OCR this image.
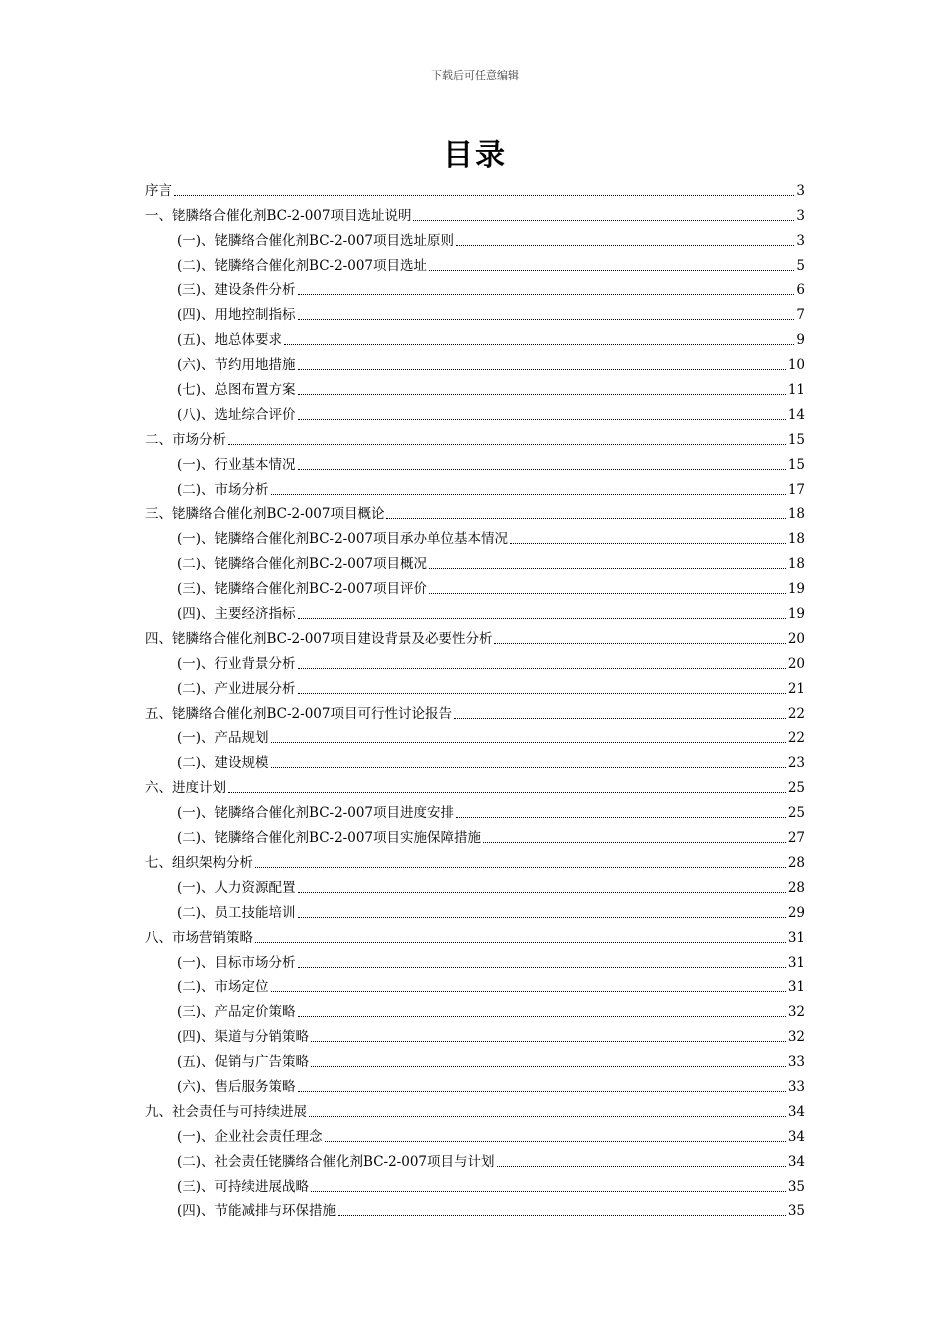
下载后可任意编辑
目录
序言	3
一、铑膦络合催化剂BC-2-007项目选址说明	3
(一)、铑膦络合催化剂BC-2-007项目选址原则	3
(二)、铑膦络合催化剂BC-2-007项目选址	5
(三)、建设条件分析	6
(四)、用地控制指标	7
(五)、地总体要求	9
(六)、节约用地措施	10
(七)、总图布置方案	11
(八)、选址综合评价	14
二、市场分析	15
(一)、行业基本情况	15
(二)、市场分析	17
三、铑膦络合催化剂BC-2-007项目概论	18
(一)、铑膦络合催化剂BC-2-007项目承办单位基本情况	18
(二)、铑膦络合催化剂BC-2-007项目概况	18
(三)、铑膦络合催化剂BC-2-007项目评价	19
(四)、主要经济指标	19
四、铑膦络合催化剂BC-2-007项目建设背景及必要性分析	20
(一)、行业背景分析	20
(二)、产业进展分析	21
五、铑膦络合催化剂BC-2-007项目可行性讨论报告	22
(一)、产品规划	22
(二)、建设规模	23
六、进度计划	25
(一)、铑膦络合催化剂BC-2-007项目进度安排	25
(二)、铑膦络合催化剂BC-2-007项目实施保障措施	27
七、组织架构分析	28
(一)、人力资源配置	28
(二)、员工技能培训	29
八、市场营销策略	31
(一)、目标市场分析	31
(二)、市场定位	31
(三)、产品定价策略	32
(四)、渠道与分销策略	32
(五)、促销与广告策略	33
(六)、售后服务策略	33
九、社会责任与可持续进展	34
(一)、企业社会责任理念	34
(二)、社会责任铑膦络合催化剂BC-2-007项目与计划	34
(三)、可持续进展战略	35
(四)、节能减排与环保措施	35
